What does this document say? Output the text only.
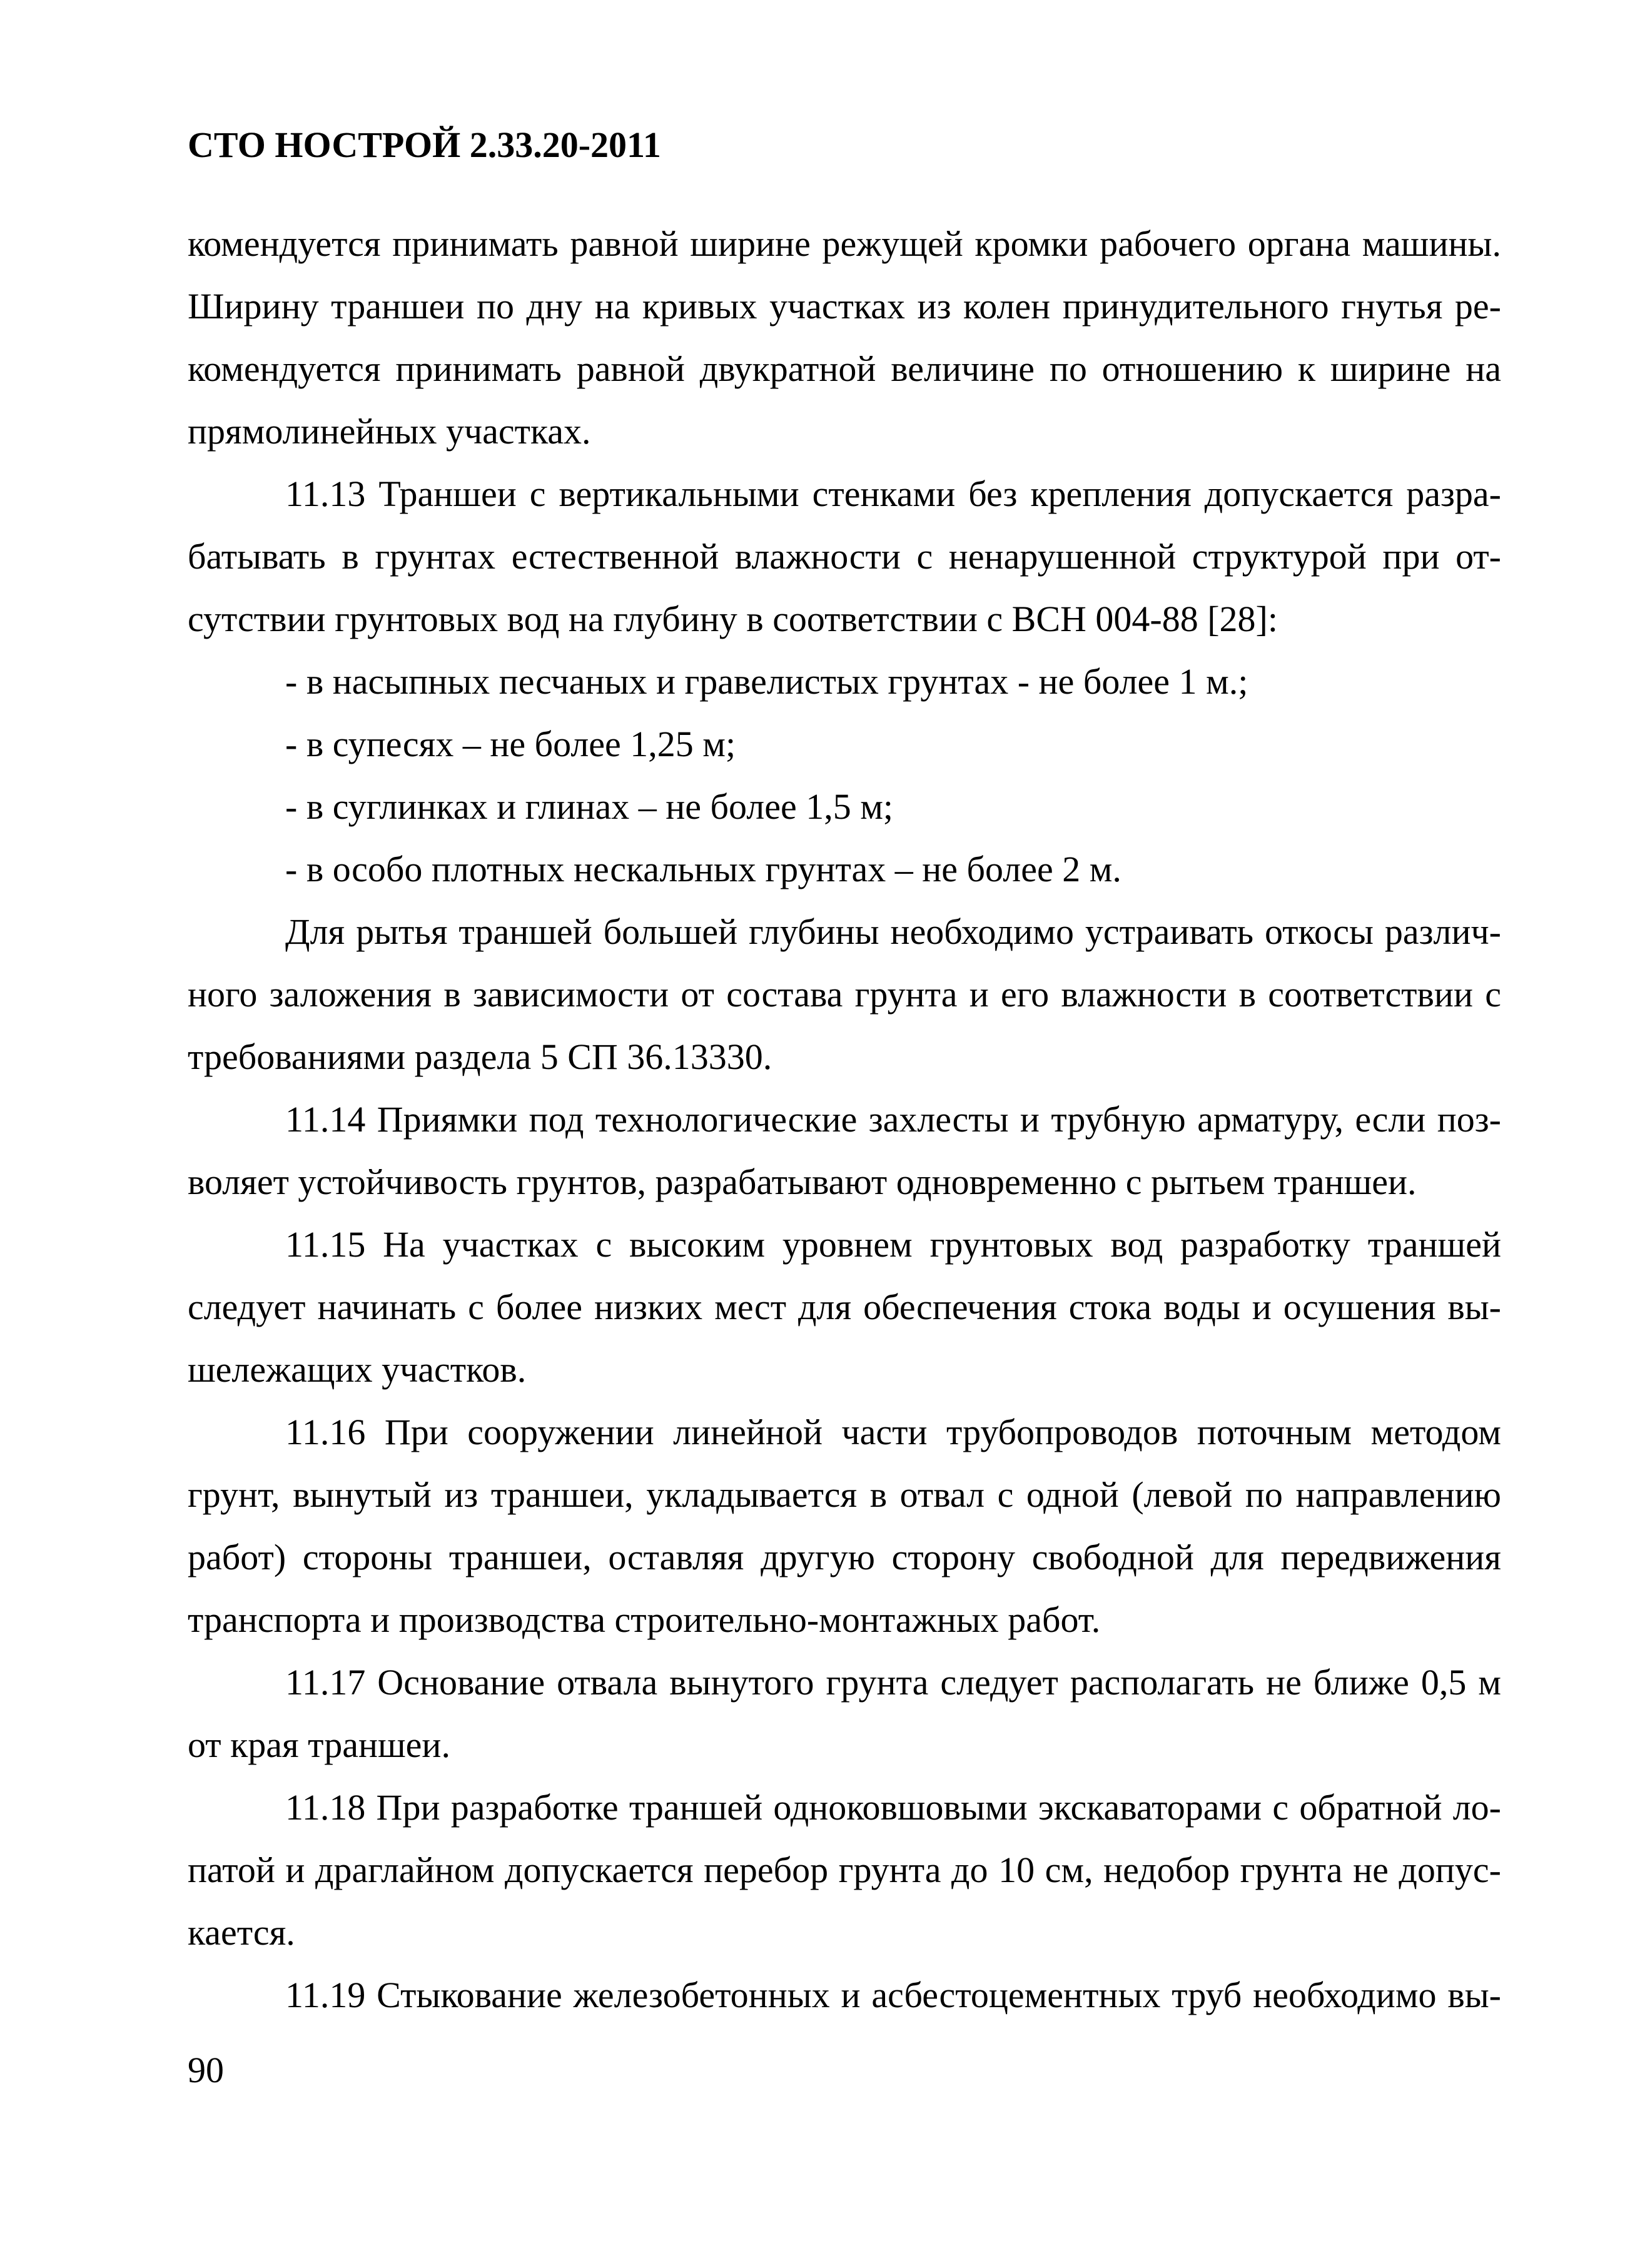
СТО НОСТРОЙ 2.33.20-2011
комендуется принимать равной ширине режущей кромки рабочего органа машины.
Ширину траншеи по дну на кривых участках из колен принудительного гнутья ре-
комендуется принимать равной двукратной величине по отношению к ширине на
прямолинейных участках.
11.13 Траншеи с вертикальными стенками без крепления допускается разра-
батывать в грунтах естественной влажности с ненарушенной структурой при от-
сутствии грунтовых вод на глубину в соответствии с ВСН 004-88 [28]:
- в насыпных песчаных и гравелистых грунтах - не более 1 м.;
- в супесях – не более 1,25 м;
- в суглинках и глинах – не более 1,5 м;
- в особо плотных нескальных грунтах – не более 2 м.
Для рытья траншей большей глубины необходимо устраивать откосы различ-
ного заложения в зависимости от состава грунта и его влажности в соответствии с
требованиями раздела 5 СП 36.13330.
11.14 Приямки под технологические захлесты и трубную арматуру, если поз-
воляет устойчивость грунтов, разрабатывают одновременно с рытьем траншеи.
11.15 На участках с высоким уровнем грунтовых вод разработку траншей
следует начинать с более низких мест для обеспечения стока воды и осушения вы-
шележащих участков.
11.16 При сооружении линейной части трубопроводов поточным методом
грунт, вынутый из траншеи, укладывается в отвал с одной (левой по направлению
работ) стороны траншеи, оставляя другую сторону свободной для передвижения
транспорта и производства строительно-монтажных работ.
11.17 Основание отвала вынутого грунта следует располагать не ближе 0,5 м
от края траншеи.
11.18 При разработке траншей одноковшовыми экскаваторами с обратной ло-
патой и драглайном допускается перебор грунта до 10 см, недобор грунта не допус-
кается.
11.19 Стыкование железобетонных и асбестоцементных труб необходимо вы-
90
